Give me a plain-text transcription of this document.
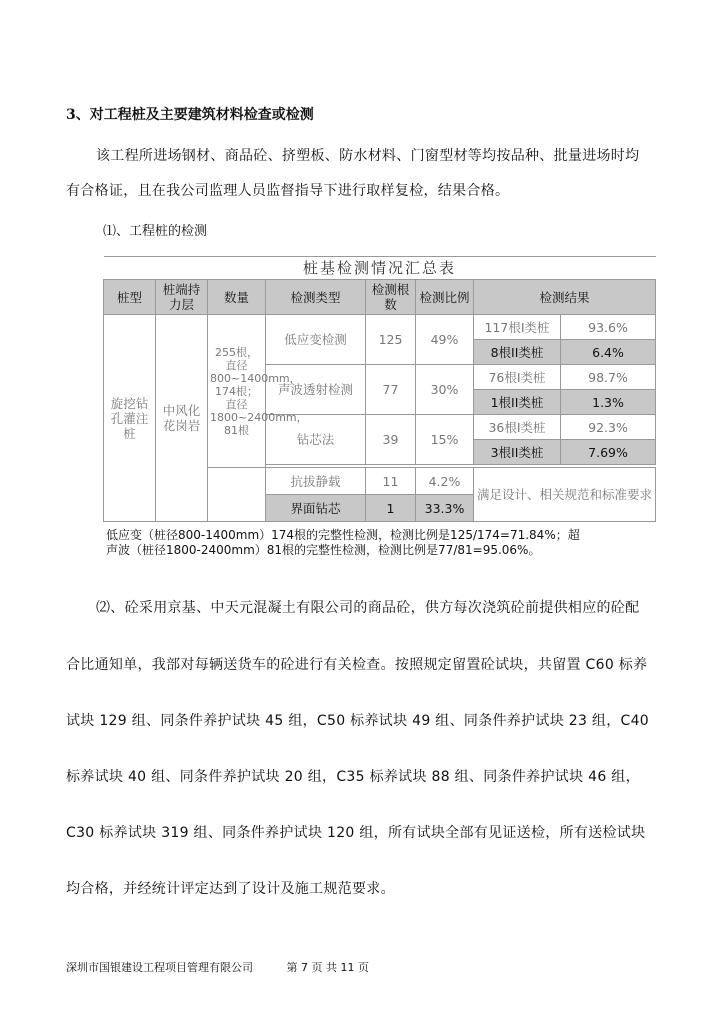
3、对工程桩及主要建筑材料检查或检测
该工程所进场钢材、商品砼、挤塑板、防水材料、门窗型材等均按品种、批量进场时均
有合格证，且在我公司监理人员监督指导下进行取样复检，结果合格。
⑴、工程桩的检测
桩基检测情况汇总表							
桩型	桩端持力层	数量	检测类型	检测根数	检测比例	检测结果	
旋挖钻孔灌注桩	中风化花岗岩	255根，直径800~1400mm，174根；直径1800~2400mm，81根	低应变检测	125	49%	117根I类桩	93.6%
						8根II类桩	6.4%
			声波透射检测	77	30%	76根I类桩	98.7%
						1根II类桩	1.3%
			钻芯法	39	15%	36根I类桩	92.3%
						3根II类桩	7.69%

			抗拔静载	11	4.2%	满足设计、相关规范和标准要求	
			界面钻芯	1	33.3%		
低应变（桩径800-1400mm）174根的完整性检测，检测比例是125/174=71.84%；超
声波（桩径1800-2400mm）81根的完整性检测，检测比例是77/81=95.06%。
⑵、砼采用京基、中天元混凝土有限公司的商品砼，供方每次浇筑砼前提供相应的砼配
合比通知单，我部对每辆送货车的砼进行有关检查。按照规定留置砼试块，共留置 C60 标养
试块 129 组、同条件养护试块 45 组，C50 标养试块 49 组、同条件养护试块 23 组，C40
标养试块 40 组、同条件养护试块 20 组，C35 标养试块 88 组、同条件养护试块 46 组，
C30 标养试块 319 组、同条件养护试块 120 组，所有试块全部有见证送检，所有送检试块
均合格，并经统计评定达到了设计及施工规范要求。
深圳市国银建设工程项目管理有限公司	第 7 页 共 11 页
